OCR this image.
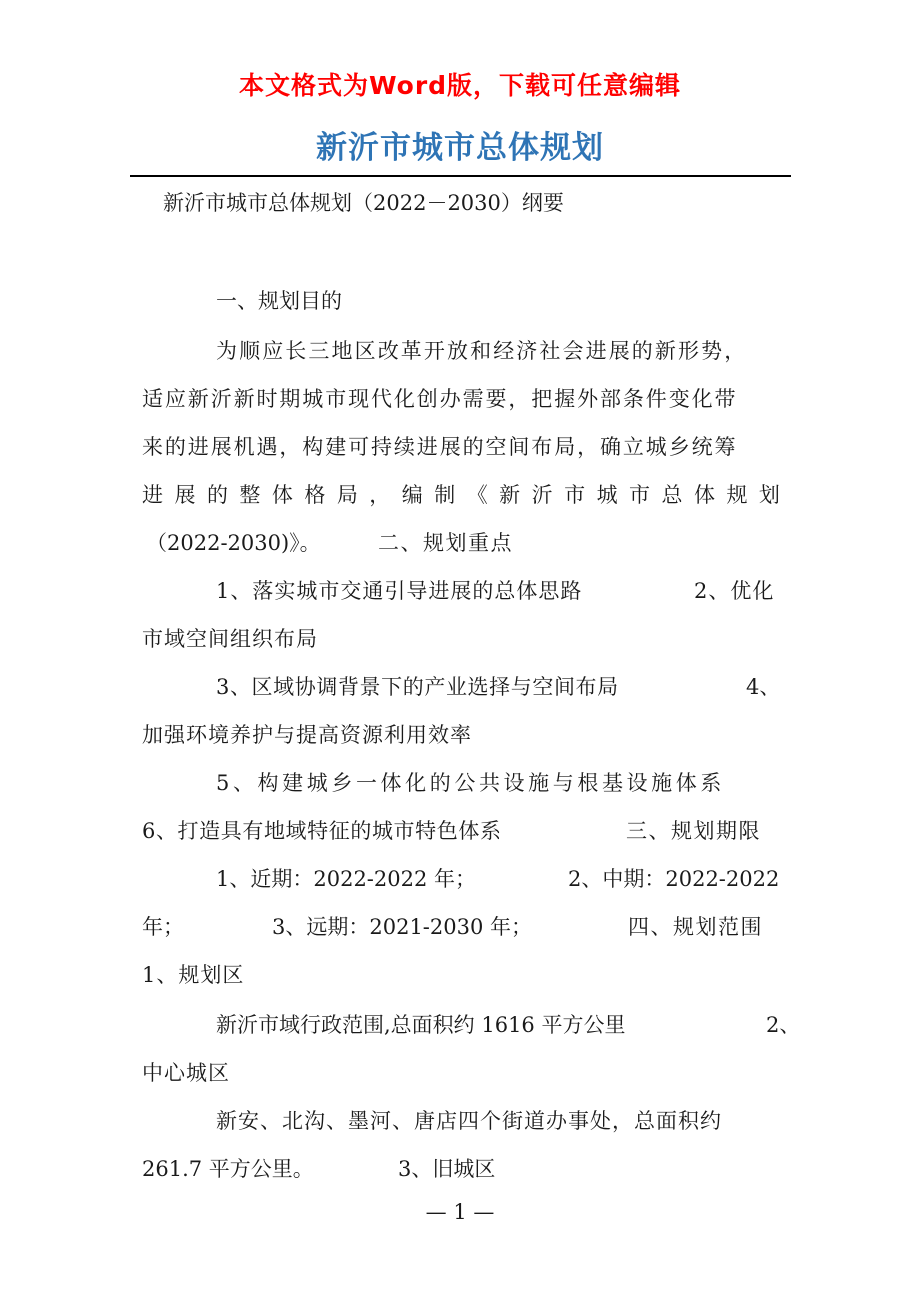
本文格式为Word版，下载可任意编辑
新沂市城市总体规划
新沂市城市总体规划（2022－2030）纲要
一、规划目的
为顺应长三地区改革开放和经济社会进展的新形势，
适应新沂新时期城市现代化创办需要，把握外部条件变化带
来的进展机遇，构建可持续进展的空间布局，确立城乡统筹
进 展 的 整 体 格 局 ， 编 制 《 新 沂 市 城 市 总 体 规 划
（2022-2030)》。	二、规划重点
1、落实城市交通引导进展的总体思路	2、优化
市域空间组织布局
3、区域协调背景下的产业选择与空间布局	4、
加强环境养护与提高资源利用效率
5、构建城乡一体化的公共设施与根基设施体系
6、打造具有地域特征的城市特色体系	三、规划期限
1、近期：2022-2022 年；	2、中期：2022-2022
年；	3、远期：2021-2030 年；	四、规划范围
1、规划区
新沂市域行政范围,总面积约 1616 平方公里	2、
中心城区
新安、北沟、墨河、唐店四个街道办事处，总面积约
261.7 平方公里。	3、旧城区
— 1 —
